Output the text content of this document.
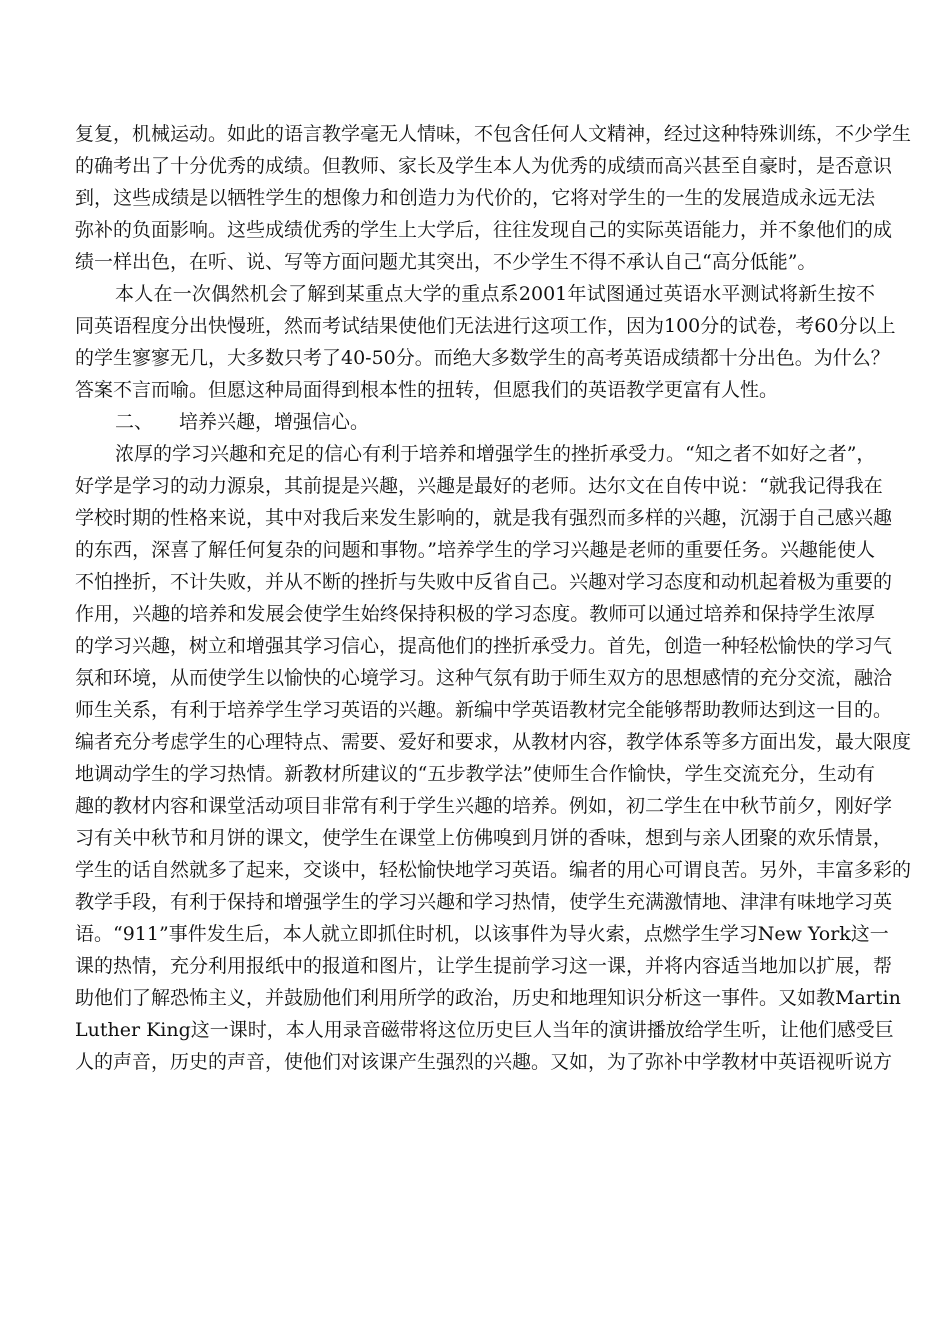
复复，机械运动。如此的语言教学毫无人情味，不包含任何人文精神，经过这种特殊训练，不少学生
的确考出了十分优秀的成绩。但教师、家长及学生本人为优秀的成绩而高兴甚至自豪时，是否意识
到，这些成绩是以牺牲学生的想像力和创造力为代价的，它将对学生的一生的发展造成永远无法
弥补的负面影响。这些成绩优秀的学生上大学后，往往发现自己的实际英语能力，并不象他们的成
绩一样出色，在听、说、写等方面问题尤其突出，不少学生不得不承认自己“高分低能”。
本人在一次偶然机会了解到某重点大学的重点系2001年试图通过英语水平测试将新生按不
同英语程度分出快慢班，然而考试结果使他们无法进行这项工作，因为100分的试卷，考60分以上
的学生寥寥无几，大多数只考了40-50分。而绝大多数学生的高考英语成绩都十分出色。为什么？
答案不言而喻。但愿这种局面得到根本性的扭转，但愿我们的英语教学更富有人性。
二、 培养兴趣，增强信心。
浓厚的学习兴趣和充足的信心有利于培养和增强学生的挫折承受力。“知之者不如好之者”，
好学是学习的动力源泉，其前提是兴趣，兴趣是最好的老师。达尔文在自传中说：“就我记得我在
学校时期的性格来说，其中对我后来发生影响的，就是我有强烈而多样的兴趣，沉溺于自己感兴趣
的东西，深喜了解任何复杂的问题和事物。”培养学生的学习兴趣是老师的重要任务。兴趣能使人
不怕挫折，不计失败，并从不断的挫折与失败中反省自己。兴趣对学习态度和动机起着极为重要的
作用，兴趣的培养和发展会使学生始终保持积极的学习态度。教师可以通过培养和保持学生浓厚
的学习兴趣，树立和增强其学习信心，提高他们的挫折承受力。首先，创造一种轻松愉快的学习气
氛和环境，从而使学生以愉快的心境学习。这种气氛有助于师生双方的思想感情的充分交流，融洽
师生关系，有利于培养学生学习英语的兴趣。新编中学英语教材完全能够帮助教师达到这一目的。
编者充分考虑学生的心理特点、需要、爱好和要求，从教材内容，教学体系等多方面出发，最大限度
地调动学生的学习热情。新教材所建议的“五步教学法”使师生合作愉快，学生交流充分，生动有
趣的教材内容和课堂活动项目非常有利于学生兴趣的培养。例如，初二学生在中秋节前夕，刚好学
习有关中秋节和月饼的课文，使学生在课堂上仿佛嗅到月饼的香味，想到与亲人团聚的欢乐情景，
学生的话自然就多了起来，交谈中，轻松愉快地学习英语。编者的用心可谓良苦。另外，丰富多彩的
教学手段，有利于保持和增强学生的学习兴趣和学习热情，使学生充满激情地、津津有味地学习英
语。“911”事件发生后，本人就立即抓住时机，以该事件为导火索，点燃学生学习New York这一
课的热情，充分利用报纸中的报道和图片，让学生提前学习这一课，并将内容适当地加以扩展，帮
助他们了解恐怖主义，并鼓励他们利用所学的政治，历史和地理知识分析这一事件。又如教Martin
Luther King这一课时，本人用录音磁带将这位历史巨人当年的演讲播放给学生听，让他们感受巨
人的声音，历史的声音，使他们对该课产生强烈的兴趣。又如，为了弥补中学教材中英语视听说方
